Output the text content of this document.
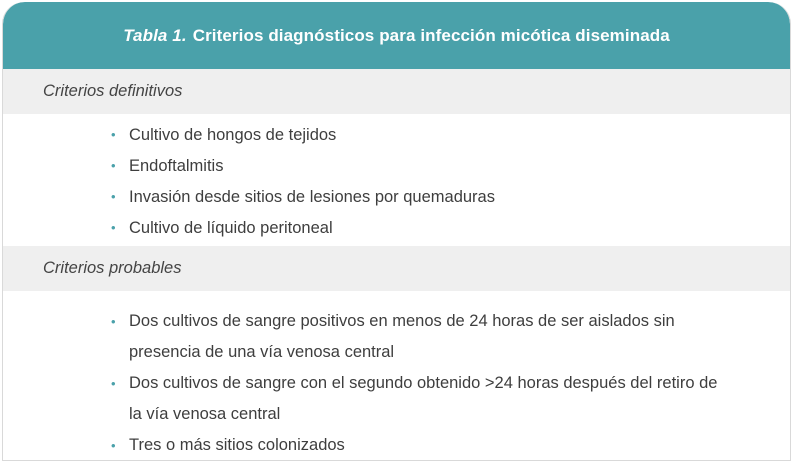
Tabla 1. Criterios diagnósticos para infección micótica diseminada
Criterios definitivos
• Cultivo de hongos de tejidos
• Endoftalmitis
• Invasión desde sitios de lesiones por quemaduras
• Cultivo de líquido peritoneal
Criterios probables
• Dos cultivos de sangre positivos en menos de 24 horas de ser aislados sin presencia de una vía venosa central
• Dos cultivos de sangre con el segundo obtenido >24 horas después del retiro de la vía venosa central
• Tres o más sitios colonizados
